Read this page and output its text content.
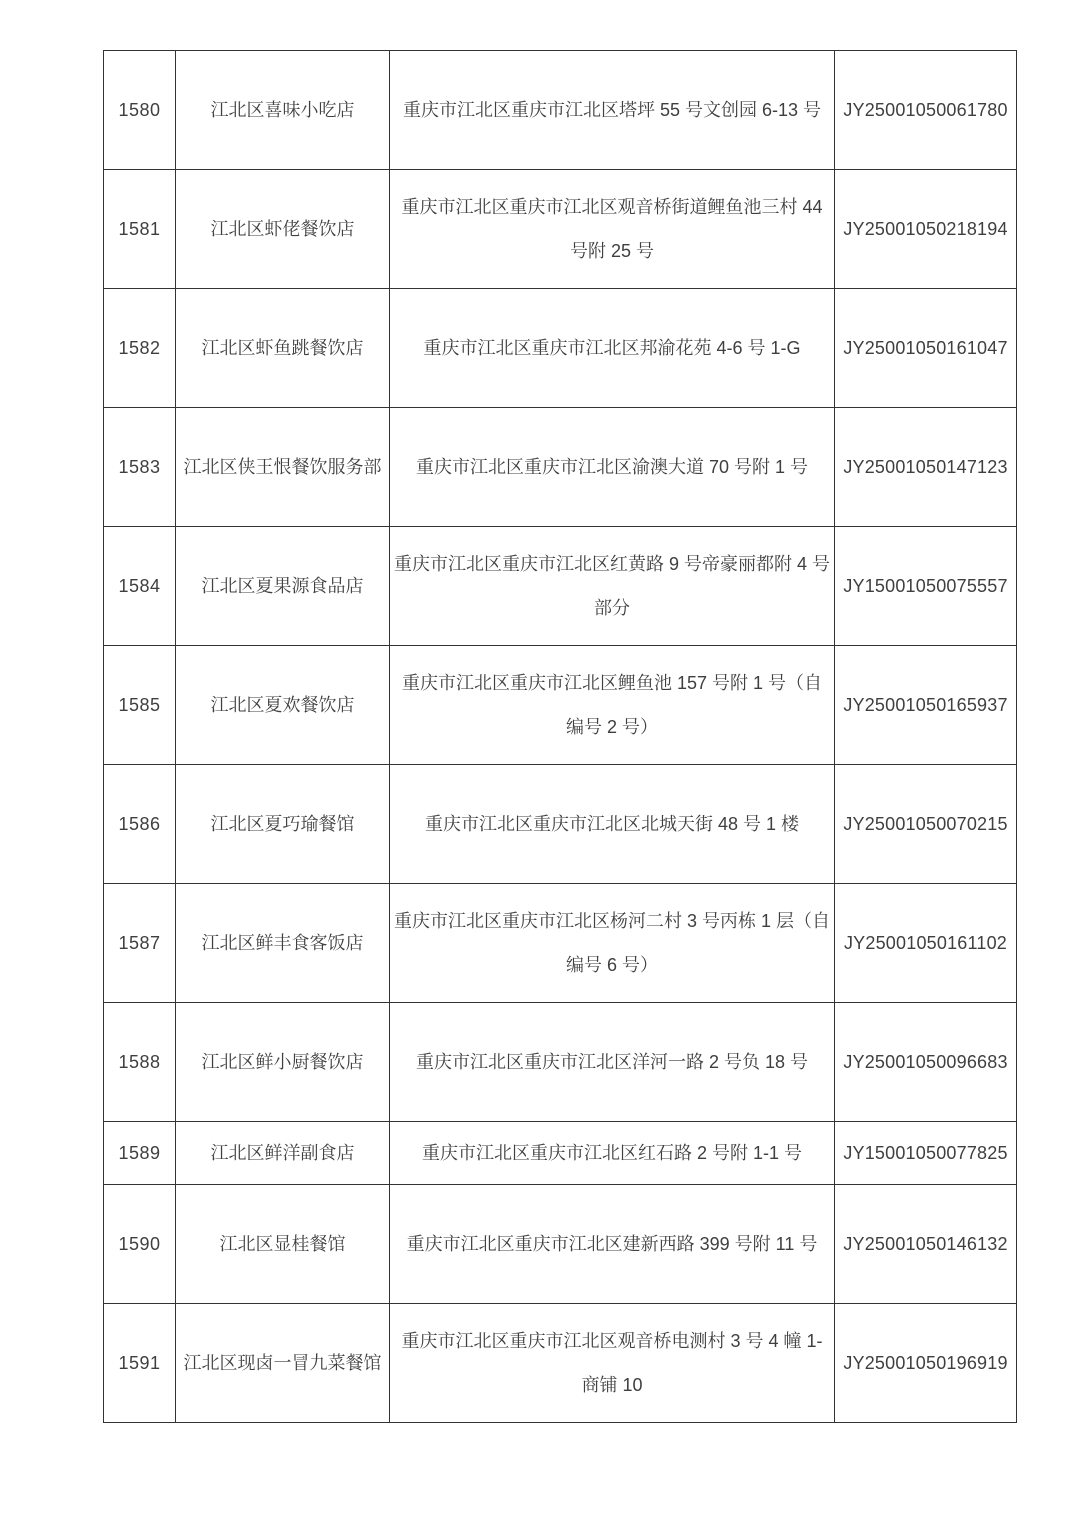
1580	江北区喜味小吃店	重庆市江北区重庆市江北区塔坪 55 号文创园 6-13 号	JY25001050061780
1581	江北区虾佬餐饮店	重庆市江北区重庆市江北区观音桥街道鲤鱼池三村 44 号附 25 号	JY25001050218194
1582	江北区虾鱼跳餐饮店	重庆市江北区重庆市江北区邦渝花苑 4-6 号 1-G	JY25001050161047
1583	江北区侠王恨餐饮服务部	重庆市江北区重庆市江北区渝澳大道 70 号附 1 号	JY25001050147123
1584	江北区夏果源食品店	重庆市江北区重庆市江北区红黄路 9 号帝豪丽都附 4 号部分	JY15001050075557
1585	江北区夏欢餐饮店	重庆市江北区重庆市江北区鲤鱼池 157 号附 1 号（自编号 2 号）	JY25001050165937
1586	江北区夏巧瑜餐馆	重庆市江北区重庆市江北区北城天街 48 号 1 楼	JY25001050070215
1587	江北区鲜丰食客饭店	重庆市江北区重庆市江北区杨河二村 3 号丙栋 1 层（自编号 6 号）	JY25001050161102
1588	江北区鲜小厨餐饮店	重庆市江北区重庆市江北区洋河一路 2 号负 18 号	JY25001050096683
1589	江北区鲜洋副食店	重庆市江北区重庆市江北区红石路 2 号附 1-1 号	JY15001050077825
1590	江北区显桂餐馆	重庆市江北区重庆市江北区建新西路 399 号附 11 号	JY25001050146132
1591	江北区现卤一冒九菜餐馆	重庆市江北区重庆市江北区观音桥电测村 3 号 4 幢 1-商铺 10	JY25001050196919
